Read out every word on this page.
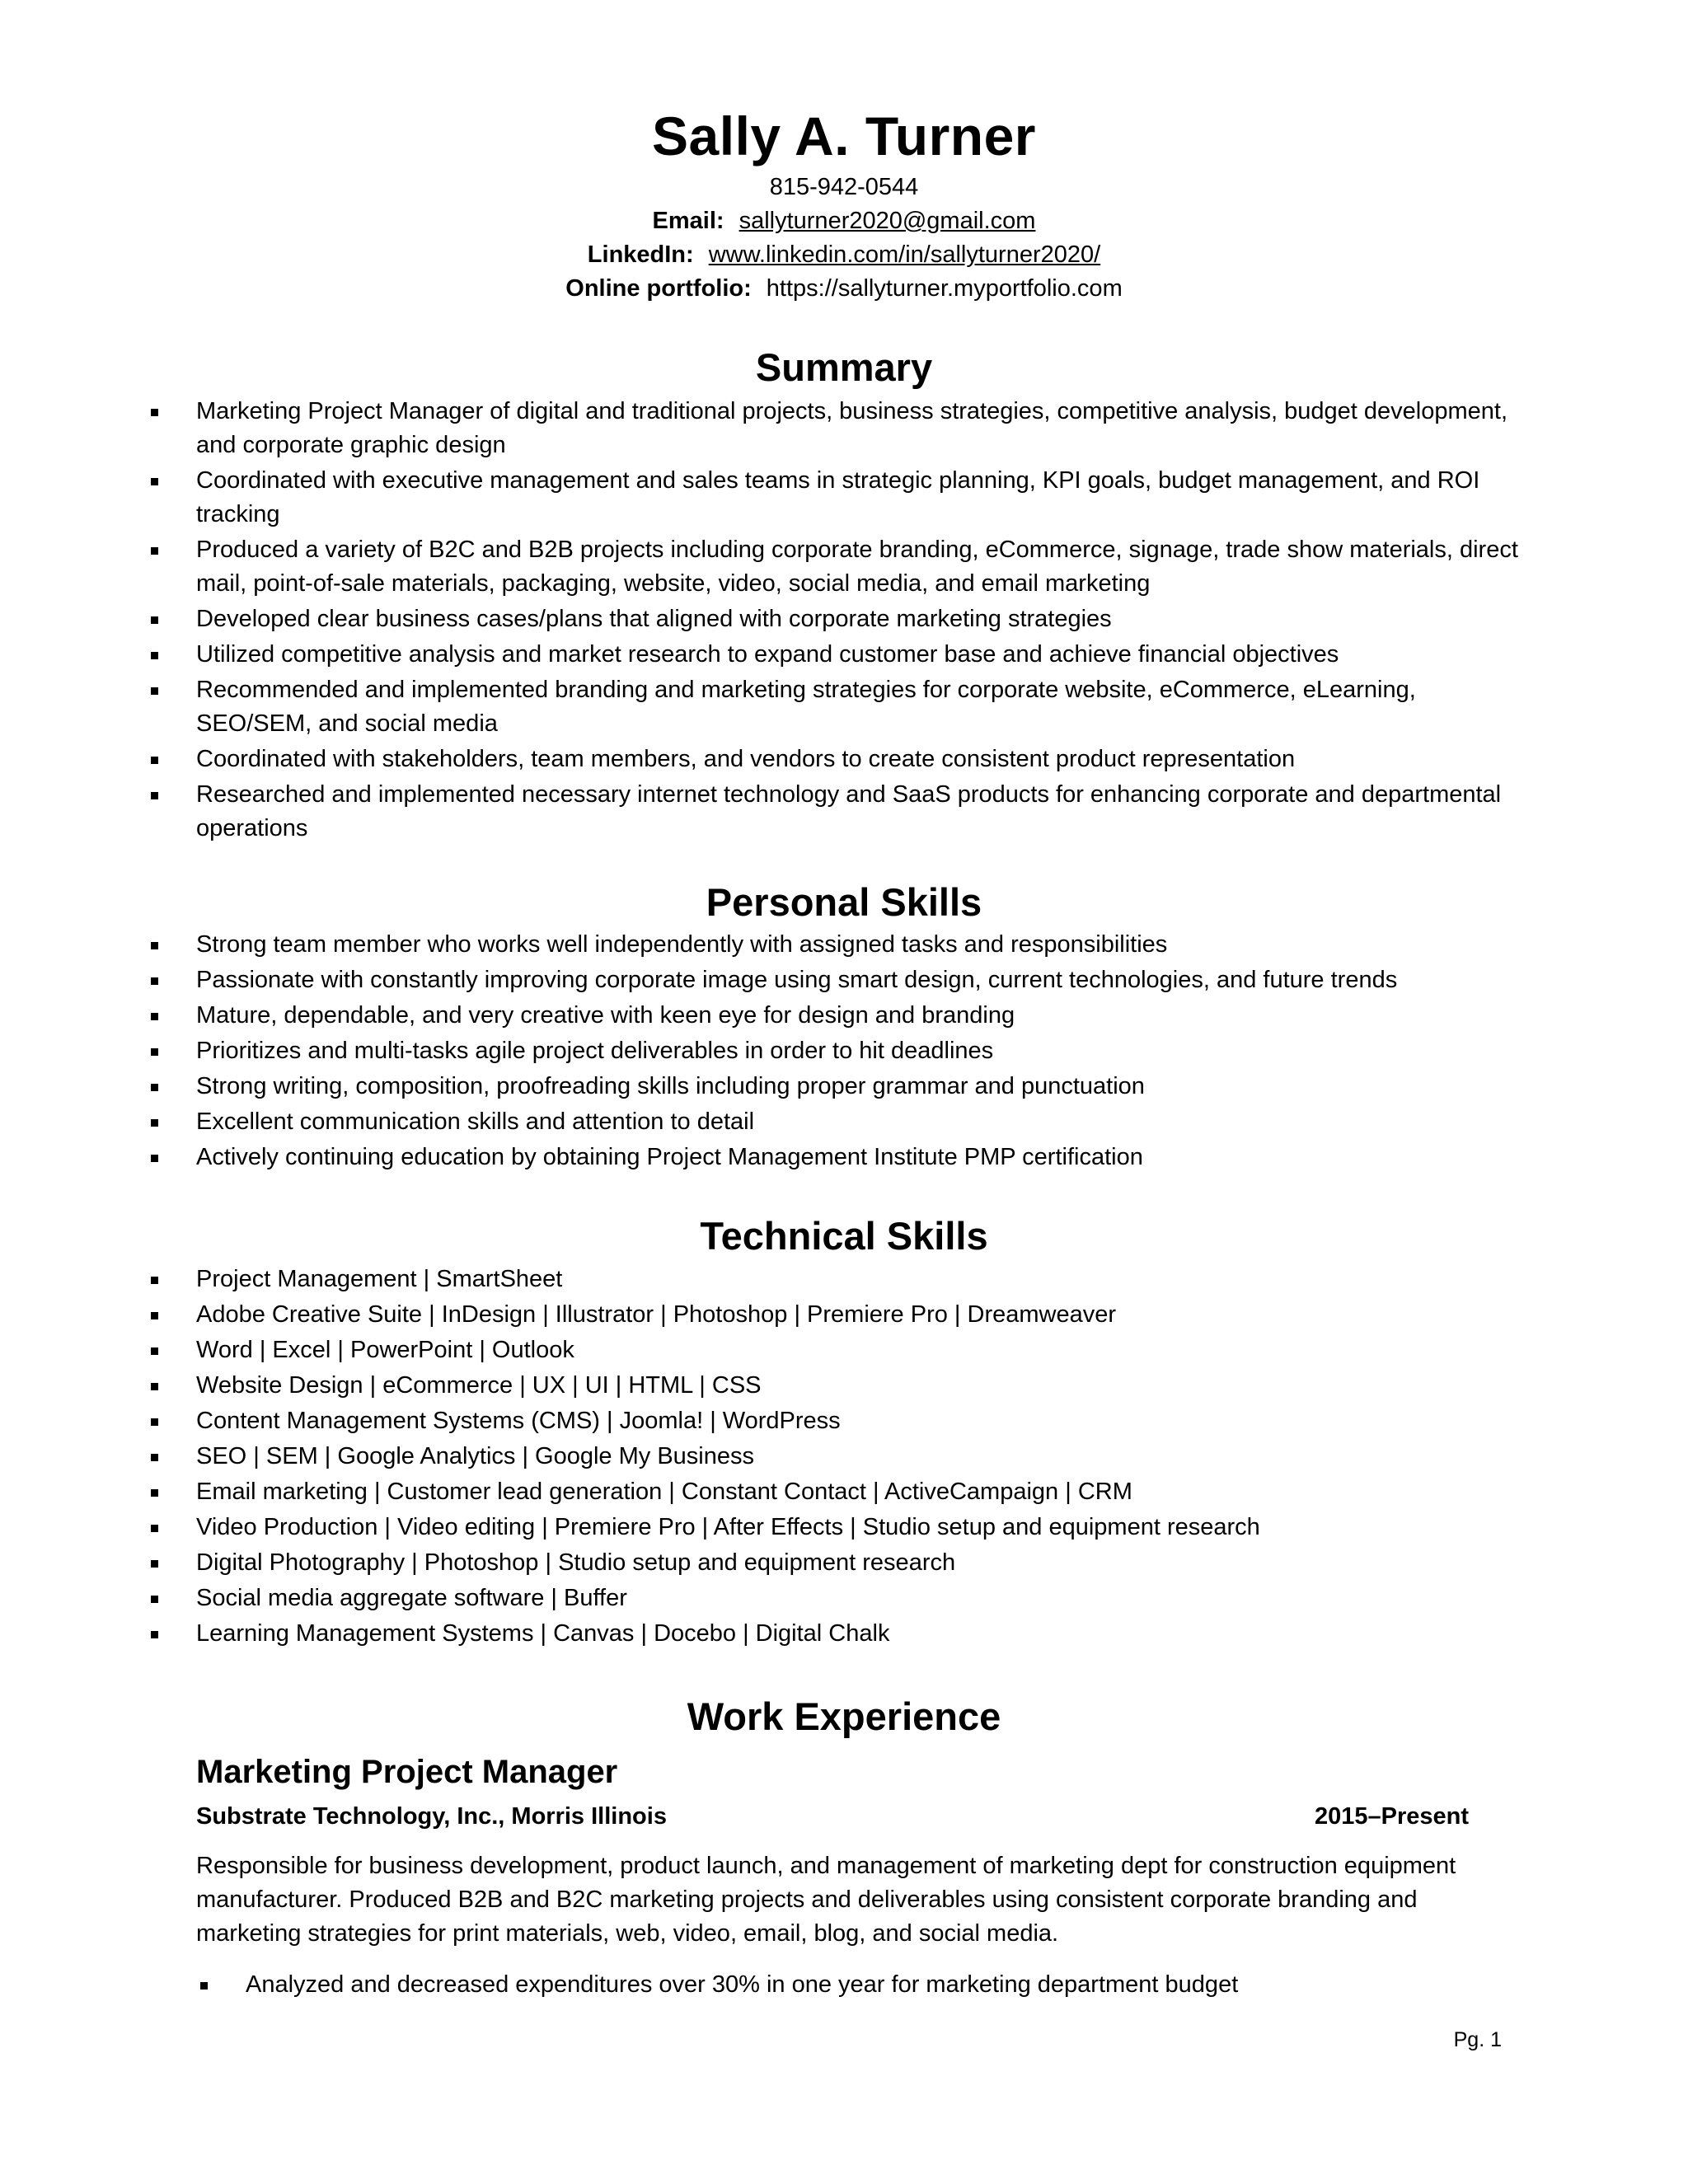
Sally A. Turner
815-942-0544
Email: sallyturner2020@gmail.com
LinkedIn: www.linkedin.com/in/sallyturner2020/
Online portfolio: https://sallyturner.myportfolio.com
Summary
Marketing Project Manager of digital and traditional projects, business strategies, competitive analysis, budget development, and corporate graphic design
Coordinated with executive management and sales teams in strategic planning, KPI goals, budget management, and ROI tracking
Produced a variety of B2C and B2B projects including corporate branding, eCommerce, signage, trade show materials, direct mail, point-of-sale materials, packaging, website, video, social media, and email marketing
Developed clear business cases/plans that aligned with corporate marketing strategies
Utilized competitive analysis and market research to expand customer base and achieve financial objectives
Recommended and implemented branding and marketing strategies for corporate website, eCommerce, eLearning, SEO/SEM, and social media
Coordinated with stakeholders, team members, and vendors to create consistent product representation
Researched and implemented necessary internet technology and SaaS products for enhancing corporate and departmental operations
Personal Skills
Strong team member who works well independently with assigned tasks and responsibilities
Passionate with constantly improving corporate image using smart design, current technologies, and future trends
Mature, dependable, and very creative with keen eye for design and branding
Prioritizes and multi-tasks agile project deliverables in order to hit deadlines
Strong writing, composition, proofreading skills including proper grammar and punctuation
Excellent communication skills and attention to detail
Actively continuing education by obtaining Project Management Institute PMP certification
Technical Skills
Project Management | SmartSheet
Adobe Creative Suite | InDesign | Illustrator | Photoshop | Premiere Pro | Dreamweaver
Word | Excel | PowerPoint | Outlook
Website Design | eCommerce | UX | UI | HTML | CSS
Content Management Systems (CMS) | Joomla! | WordPress
SEO | SEM | Google Analytics | Google My Business
Email marketing | Customer lead generation | Constant Contact | ActiveCampaign | CRM
Video Production | Video editing | Premiere Pro | After Effects | Studio setup and equipment research
Digital Photography | Photoshop | Studio setup and equipment research
Social media aggregate software | Buffer
Learning Management Systems | Canvas | Docebo | Digital Chalk
Work Experience
Marketing Project Manager
Substrate Technology, Inc., Morris Illinois	2015–Present
Responsible for business development, product launch, and management of marketing dept for construction equipment manufacturer. Produced B2B and B2C marketing projects and deliverables using consistent corporate branding and marketing strategies for print materials, web, video, email, blog, and social media.
Analyzed and decreased expenditures over 30% in one year for marketing department budget
Pg. 1
